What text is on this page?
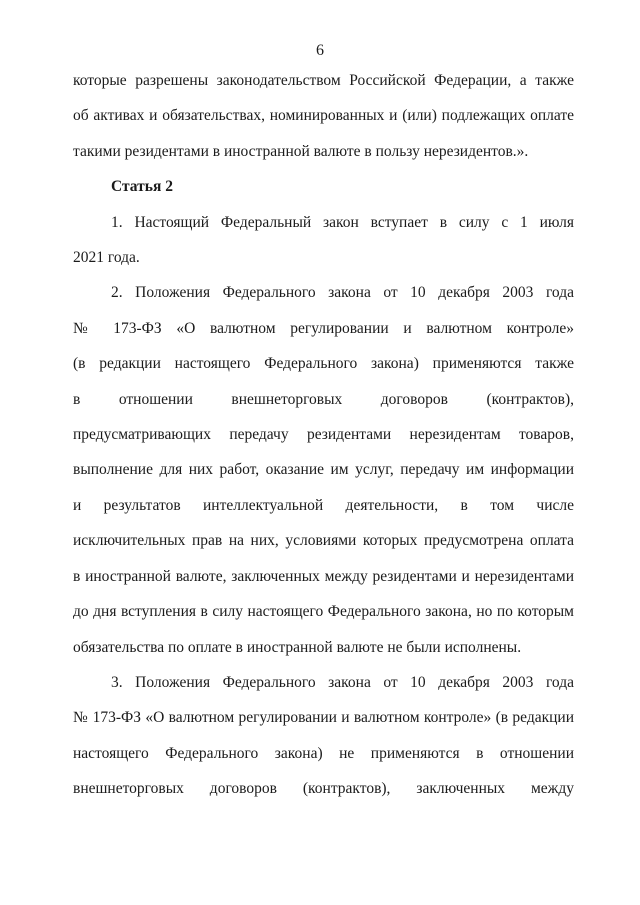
6
которые разрешены законодательством Российской Федерации, а также
об активах и обязательствах, номинированных и (или) подлежащих оплате
такими резидентами в иностранной валюте в пользу нерезидентов.».
Статья 2
1. Настоящий Федеральный закон вступает в силу с 1 июля
2021 года.
2. Положения Федерального закона от 10 декабря 2003 года
№ 173-ФЗ «О валютном регулировании и валютном контроле»
(в редакции настоящего Федерального закона) применяются также
в отношении внешнеторговых договоров (контрактов),
предусматривающих передачу резидентами нерезидентам товаров,
выполнение для них работ, оказание им услуг, передачу им информации
и результатов интеллектуальной деятельности, в том числе
исключительных прав на них, условиями которых предусмотрена оплата
в иностранной валюте, заключенных между резидентами и нерезидентами
до дня вступления в силу настоящего Федерального закона, но по которым
обязательства по оплате в иностранной валюте не были исполнены.
3. Положения Федерального закона от 10 декабря 2003 года
№ 173-ФЗ «О валютном регулировании и валютном контроле» (в редакции
настоящего Федерального закона) не применяются в отношении
внешнеторговых договоров (контрактов), заключенных между
